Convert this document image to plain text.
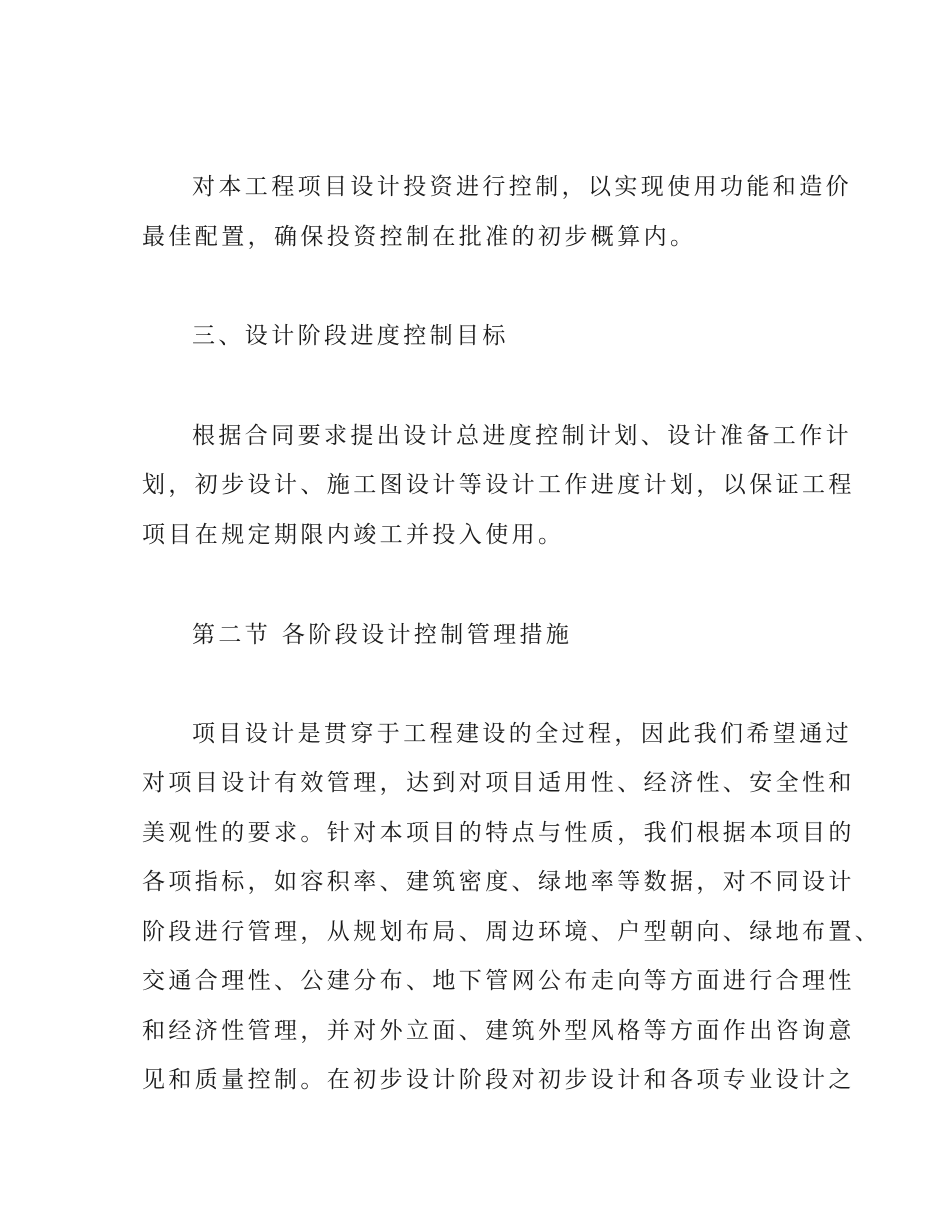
对本工程项目设计投资进行控制，以实现使用功能和造价
最佳配置，确保投资控制在批准的初步概算内。
三、设计阶段进度控制目标
根据合同要求提出设计总进度控制计划、设计准备工作计
划，初步设计、施工图设计等设计工作进度计划，以保证工程
项目在规定期限内竣工并投入使用。
第二节 各阶段设计控制管理措施
项目设计是贯穿于工程建设的全过程，因此我们希望通过
对项目设计有效管理，达到对项目适用性、经济性、安全性和
美观性的要求。针对本项目的特点与性质，我们根据本项目的
各项指标，如容积率、建筑密度、绿地率等数据，对不同设计
阶段进行管理，从规划布局、周边环境、户型朝向、绿地布置、
交通合理性、公建分布、地下管网公布走向等方面进行合理性
和经济性管理，并对外立面、建筑外型风格等方面作出咨询意
见和质量控制。在初步设计阶段对初步设计和各项专业设计之
